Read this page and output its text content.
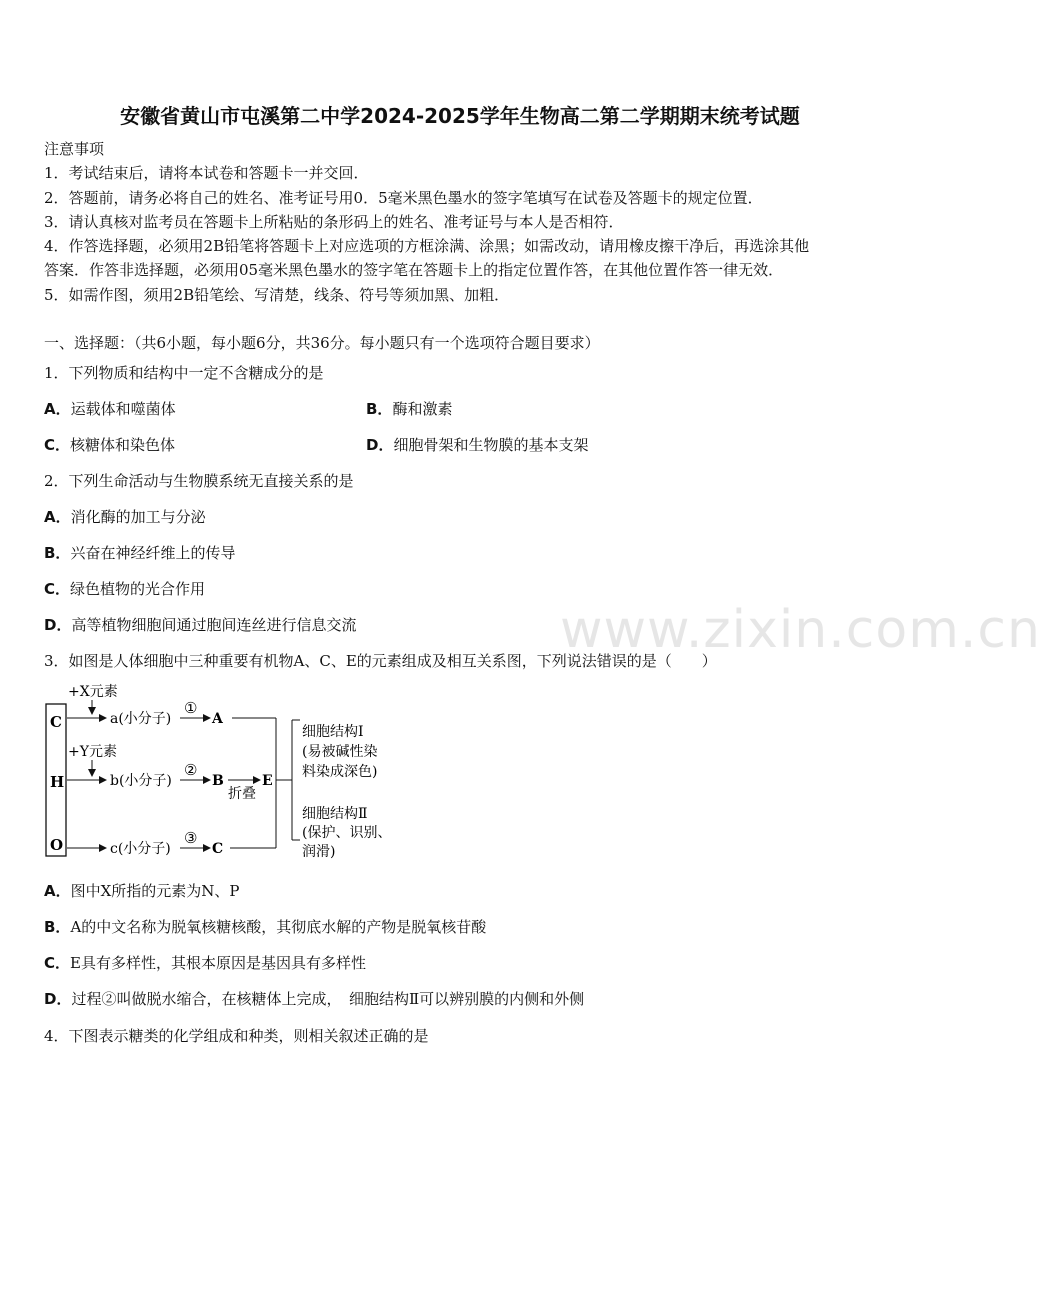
安徽省黄山市屯溪第二中学2024-2025学年生物高二第二学期期末统考试题
注意事项
1．考试结束后，请将本试卷和答题卡一并交回．
2．答题前，请务必将自己的姓名、准考证号用0．5毫米黑色墨水的签字笔填写在试卷及答题卡的规定位置．
3．请认真核对监考员在答题卡上所粘贴的条形码上的姓名、准考证号与本人是否相符．
4．作答选择题，必须用2B铅笔将答题卡上对应选项的方框涂满、涂黑；如需改动，请用橡皮擦干净后，再选涂其他
答案．作答非选择题，必须用05毫米黑色墨水的签字笔在答题卡上的指定位置作答，在其他位置作答一律无效．
5．如需作图，须用2B铅笔绘、写清楚，线条、符号等须加黑、加粗．
一、选择题：（共6小题，每小题6分，共36分。每小题只有一个选项符合题目要求）
1．下列物质和结构中一定不含糖成分的是
A．运载体和噬菌体	B．酶和激素
C．核糖体和染色体	D．细胞骨架和生物膜的基本支架
2．下列生命活动与生物膜系统无直接关系的是
A．消化酶的加工与分泌
B．兴奋在神经纤维上的传导
C．绿色植物的光合作用
D．高等植物细胞间通过胞间连丝进行信息交流	www.zixin.com.cn
3．如图是人体细胞中三种重要有机物A、C、E的元素组成及相互关系图，下列说法错误的是（　　）
C
H
O
+X元素
a(小分子)
①
A
+Y元素
b(小分子)
②
B
折叠
E
c(小分子)
③
C
细胞结构Ⅰ
(易被碱性染
料染成深色)
细胞结构Ⅱ
(保护、识别、
润滑)
A．图中X所指的元素为N、P
B．A的中文名称为脱氧核糖核酸，其彻底水解的产物是脱氧核苷酸
C．E具有多样性，其根本原因是基因具有多样性
D．过程②叫做脱水缩合，在核糖体上完成，　细胞结构Ⅱ可以辨别膜的内侧和外侧
4．下图表示糖类的化学组成和种类，则相关叙述正确的是
